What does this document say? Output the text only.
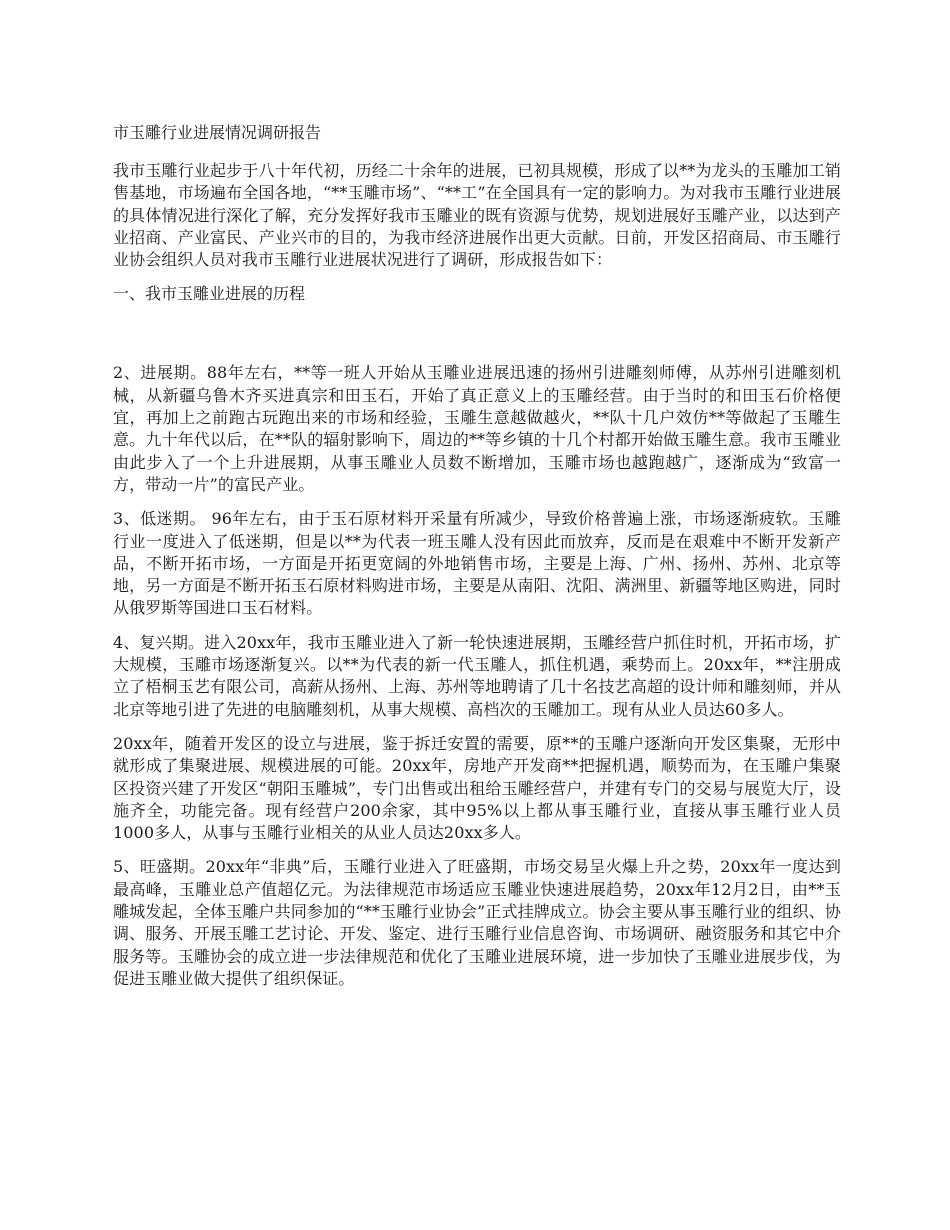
市玉雕行业进展情况调研报告
我市玉雕行业起步于八十年代初，历经二十余年的进展，已初具规模，形成了以**为龙头的玉雕加工销售基地，市场遍布全国各地，“**玉雕市场”、“**工”在全国具有一定的影响力。为对我市玉雕行业进展的具体情况进行深化了解，充分发挥好我市玉雕业的既有资源与优势，规划进展好玉雕产业，以达到产业招商、产业富民、产业兴市的目的，为我市经济进展作出更大贡献。日前，开发区招商局、市玉雕行业协会组织人员对我市玉雕行业进展状况进行了调研，形成报告如下：
一、我市玉雕业进展的历程
2、进展期。88年左右，**等一班人开始从玉雕业进展迅速的扬州引进雕刻师傅，从苏州引进雕刻机械，从新疆乌鲁木齐买进真宗和田玉石，开始了真正意义上的玉雕经营。由于当时的和田玉石价格便宜，再加上之前跑古玩跑出来的市场和经验，玉雕生意越做越火，**队十几户效仿**等做起了玉雕生意。九十年代以后，在**队的辐射影响下，周边的**等乡镇的十几个村都开始做玉雕生意。我市玉雕业由此步入了一个上升进展期，从事玉雕业人员数不断增加，玉雕市场也越跑越广，逐渐成为“致富一方，带动一片”的富民产业。
3、低迷期。 96年左右，由于玉石原材料开采量有所减少，导致价格普遍上涨，市场逐渐疲软。玉雕行业一度进入了低迷期，但是以**为代表一班玉雕人没有因此而放弃，反而是在艰难中不断开发新产品，不断开拓市场，一方面是开拓更宽阔的外地销售市场，主要是上海、广州、扬州、苏州、北京等地，另一方面是不断开拓玉石原材料购进市场，主要是从南阳、沈阳、满洲里、新疆等地区购进，同时从俄罗斯等国进口玉石材料。
4、复兴期。进入20xx年，我市玉雕业进入了新一轮快速进展期，玉雕经营户抓住时机，开拓市场，扩大规模，玉雕市场逐渐复兴。以**为代表的新一代玉雕人，抓住机遇，乘势而上。20xx年，**注册成立了梧桐玉艺有限公司，高薪从扬州、上海、苏州等地聘请了几十名技艺高超的设计师和雕刻师，并从北京等地引进了先进的电脑雕刻机，从事大规模、高档次的玉雕加工。现有从业人员达60多人。
20xx年，随着开发区的设立与进展，鉴于拆迁安置的需要，原**的玉雕户逐渐向开发区集聚，无形中就形成了集聚进展、规模进展的可能。20xx年，房地产开发商**把握机遇，顺势而为，在玉雕户集聚区投资兴建了开发区“朝阳玉雕城”，专门出售或出租给玉雕经营户，并建有专门的交易与展览大厅，设施齐全，功能完备。现有经营户200余家，其中95%以上都从事玉雕行业，直接从事玉雕行业人员1000多人，从事与玉雕行业相关的从业人员达20xx多人。
5、旺盛期。20xx年“非典”后，玉雕行业进入了旺盛期，市场交易呈火爆上升之势，20xx年一度达到最高峰，玉雕业总产值超亿元。为法律规范市场适应玉雕业快速进展趋势，20xx年12月2日，由**玉雕城发起，全体玉雕户共同参加的“**玉雕行业协会”正式挂牌成立。协会主要从事玉雕行业的组织、协调、服务、开展玉雕工艺讨论、开发、鉴定、进行玉雕行业信息咨询、市场调研、融资服务和其它中介服务等。玉雕协会的成立进一步法律规范和优化了玉雕业进展环境，进一步加快了玉雕业进展步伐，为促进玉雕业做大提供了组织保证。
